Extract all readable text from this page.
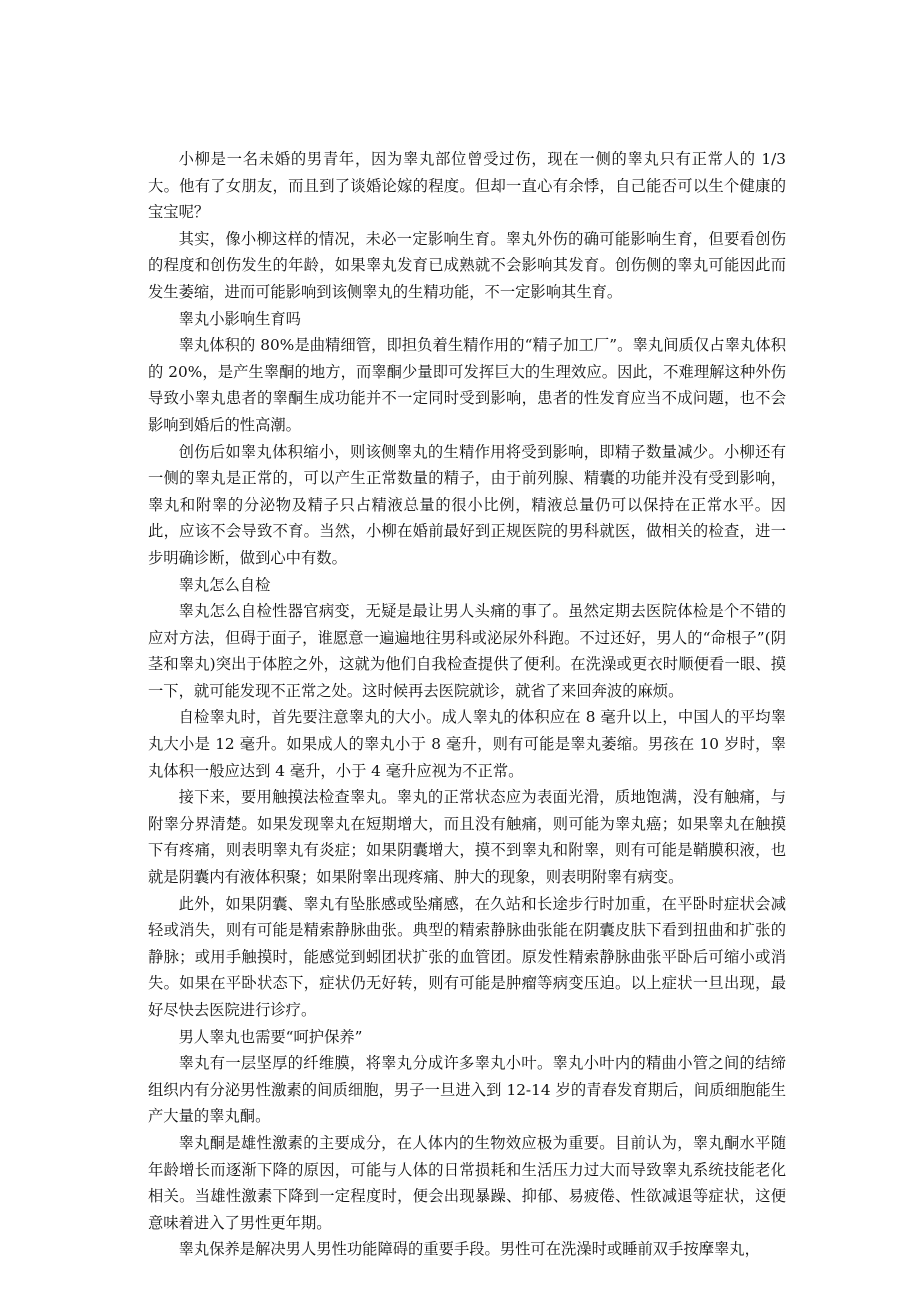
小柳是一名未婚的男青年，因为睾丸部位曾受过伤，现在一侧的睾丸只有正常人的 1/3 大。他有了女朋友，而且到了谈婚论嫁的程度。但却一直心有余悸，自己能否可以生个健康的宝宝呢？

其实，像小柳这样的情况，未必一定影响生育。睾丸外伤的确可能影响生育，但要看创伤的程度和创伤发生的年龄，如果睾丸发育已成熟就不会影响其发育。创伤侧的睾丸可能因此而发生萎缩，进而可能影响到该侧睾丸的生精功能，不一定影响其生育。

睾丸小影响生育吗

睾丸体积的 80%是曲精细管，即担负着生精作用的“精子加工厂”。睾丸间质仅占睾丸体积的 20%，是产生睾酮的地方，而睾酮少量即可发挥巨大的生理效应。因此，不难理解这种外伤导致小睾丸患者的睾酮生成功能并不一定同时受到影响，患者的性发育应当不成问题，也不会影响到婚后的性高潮。

创伤后如睾丸体积缩小，则该侧睾丸的生精作用将受到影响，即精子数量减少。小柳还有一侧的睾丸是正常的，可以产生正常数量的精子，由于前列腺、精囊的功能并没有受到影响，睾丸和附睾的分泌物及精子只占精液总量的很小比例，精液总量仍可以保持在正常水平。因此，应该不会导致不育。当然，小柳在婚前最好到正规医院的男科就医，做相关的检查，进一步明确诊断，做到心中有数。

睾丸怎么自检

睾丸怎么自检性器官病变，无疑是最让男人头痛的事了。虽然定期去医院体检是个不错的应对方法，但碍于面子，谁愿意一遍遍地往男科或泌尿外科跑。不过还好，男人的“命根子”(阴茎和睾丸)突出于体腔之外，这就为他们自我检查提供了便利。在洗澡或更衣时顺便看一眼、摸一下，就可能发现不正常之处。这时候再去医院就诊，就省了来回奔波的麻烦。

自检睾丸时，首先要注意睾丸的大小。成人睾丸的体积应在 8 毫升以上，中国人的平均睾丸大小是 12 毫升。如果成人的睾丸小于 8 毫升，则有可能是睾丸萎缩。男孩在 10 岁时，睾丸体积一般应达到 4 毫升，小于 4 毫升应视为不正常。

接下来，要用触摸法检查睾丸。睾丸的正常状态应为表面光滑，质地饱满，没有触痛，与附睾分界清楚。如果发现睾丸在短期增大，而且没有触痛，则可能为睾丸癌；如果睾丸在触摸下有疼痛，则表明睾丸有炎症；如果阴囊增大，摸不到睾丸和附睾，则有可能是鞘膜积液，也就是阴囊内有液体积聚；如果附睾出现疼痛、肿大的现象，则表明附睾有病变。

此外，如果阴囊、睾丸有坠胀感或坠痛感，在久站和长途步行时加重，在平卧时症状会减轻或消失，则有可能是精索静脉曲张。典型的精索静脉曲张能在阴囊皮肤下看到扭曲和扩张的静脉；或用手触摸时，能感觉到蚓团状扩张的血管团。原发性精索静脉曲张平卧后可缩小或消失。如果在平卧状态下，症状仍无好转，则有可能是肿瘤等病变压迫。以上症状一旦出现，最好尽快去医院进行诊疗。

男人睾丸也需要“呵护保养”

睾丸有一层坚厚的纤维膜，将睾丸分成许多睾丸小叶。睾丸小叶内的精曲小管之间的结缔组织内有分泌男性激素的间质细胞，男子一旦进入到 12-14 岁的青春发育期后，间质细胞能生产大量的睾丸酮。

睾丸酮是雄性激素的主要成分，在人体内的生物效应极为重要。目前认为，睾丸酮水平随年龄增长而逐渐下降的原因，可能与人体的日常损耗和生活压力过大而导致睾丸系统技能老化相关。当雄性激素下降到一定程度时，便会出现暴躁、抑郁、易疲倦、性欲减退等症状，这便意味着进入了男性更年期。

睾丸保养是解决男人男性功能障碍的重要手段。男性可在洗澡时或睡前双手按摩睾丸，
